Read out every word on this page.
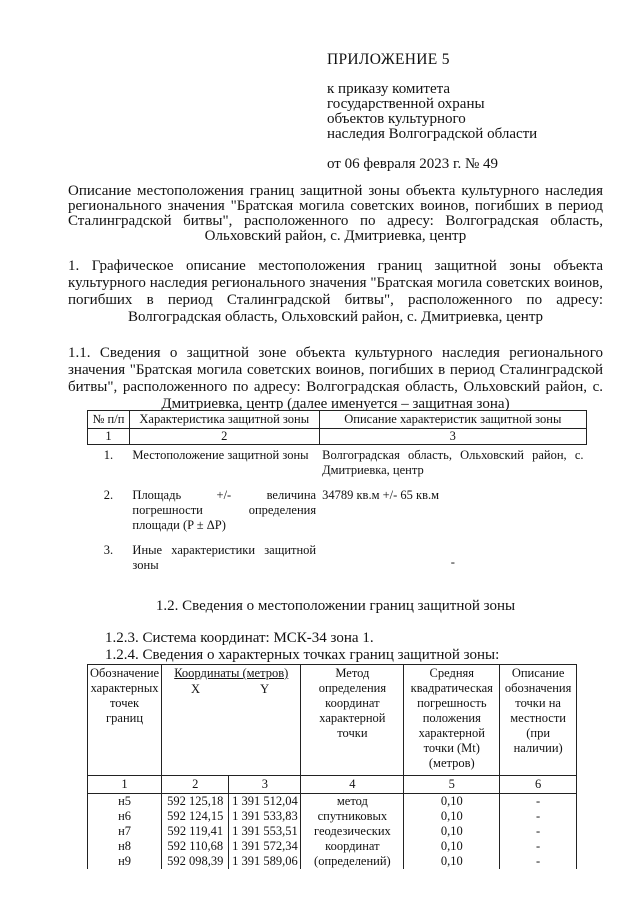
ПРИЛОЖЕНИЕ 5
к приказу комитета
государственной охраны
объектов культурного
наследия Волгоградской области
от 06 февраля 2023 г. № 49
Описание местоположения границ защитной зоны объекта культурного наследия регионального значения "Братская могила советских воинов, погибших в период Сталинградской битвы", расположенного по адресу: Волгоградская область, Ольховский район, с. Дмитриевка, центр
1. Графическое описание местоположения границ защитной зоны объекта культурного наследия регионального значения "Братская могила советских воинов, погибших в период Сталинградской битвы", расположенного по адресу: Волгоградская область, Ольховский район, с. Дмитриевка, центр
1.1. Сведения о защитной зоне объекта культурного наследия регионального значения "Братская могила советских воинов, погибших в период Сталинградской битвы", расположенного по адресу: Волгоградская область, Ольховский район, с. Дмитриевка, центр (далее именуется – защитная зона)
№ п/п	Характеристика защитной зоны	Описание характеристик защитной зоны
1	2	3
1.	Местоположение защитной зоны	Волгоградская область, Ольховский район, с. Дмитриевка, центр
2.	Площадь +/- величина погрешности определения площади (P ± ΔP)	34789 кв.м +/- 65 кв.м
3.	Иные характеристики защитной зоны	-
1.2. Сведения о местоположении границ защитной зоны
1.2.3. Система координат: МСК-34 зона 1.
1.2.4. Сведения о характерных точках границ защитной зоны:
Обозначение характерных точек границ	Координаты (метров)		Метод определения координат характерной точки	Средняя квадратическая погрешность положения характерной точки (Мt) (метров)	Описание обозначения точки на местности (при наличии)
	X	Y			
1	2	3	4	5	6
н5	592 125,18	1 391 512,04	метод спутниковых геодезических координат (определений)	0,10	-
н6	592 124,15	1 391 533,83		0,10	-
н7	592 119,41	1 391 553,51		0,10	-
н8	592 110,68	1 391 572,34		0,10	-
н9	592 098,39	1 391 589,06		0,10	-
